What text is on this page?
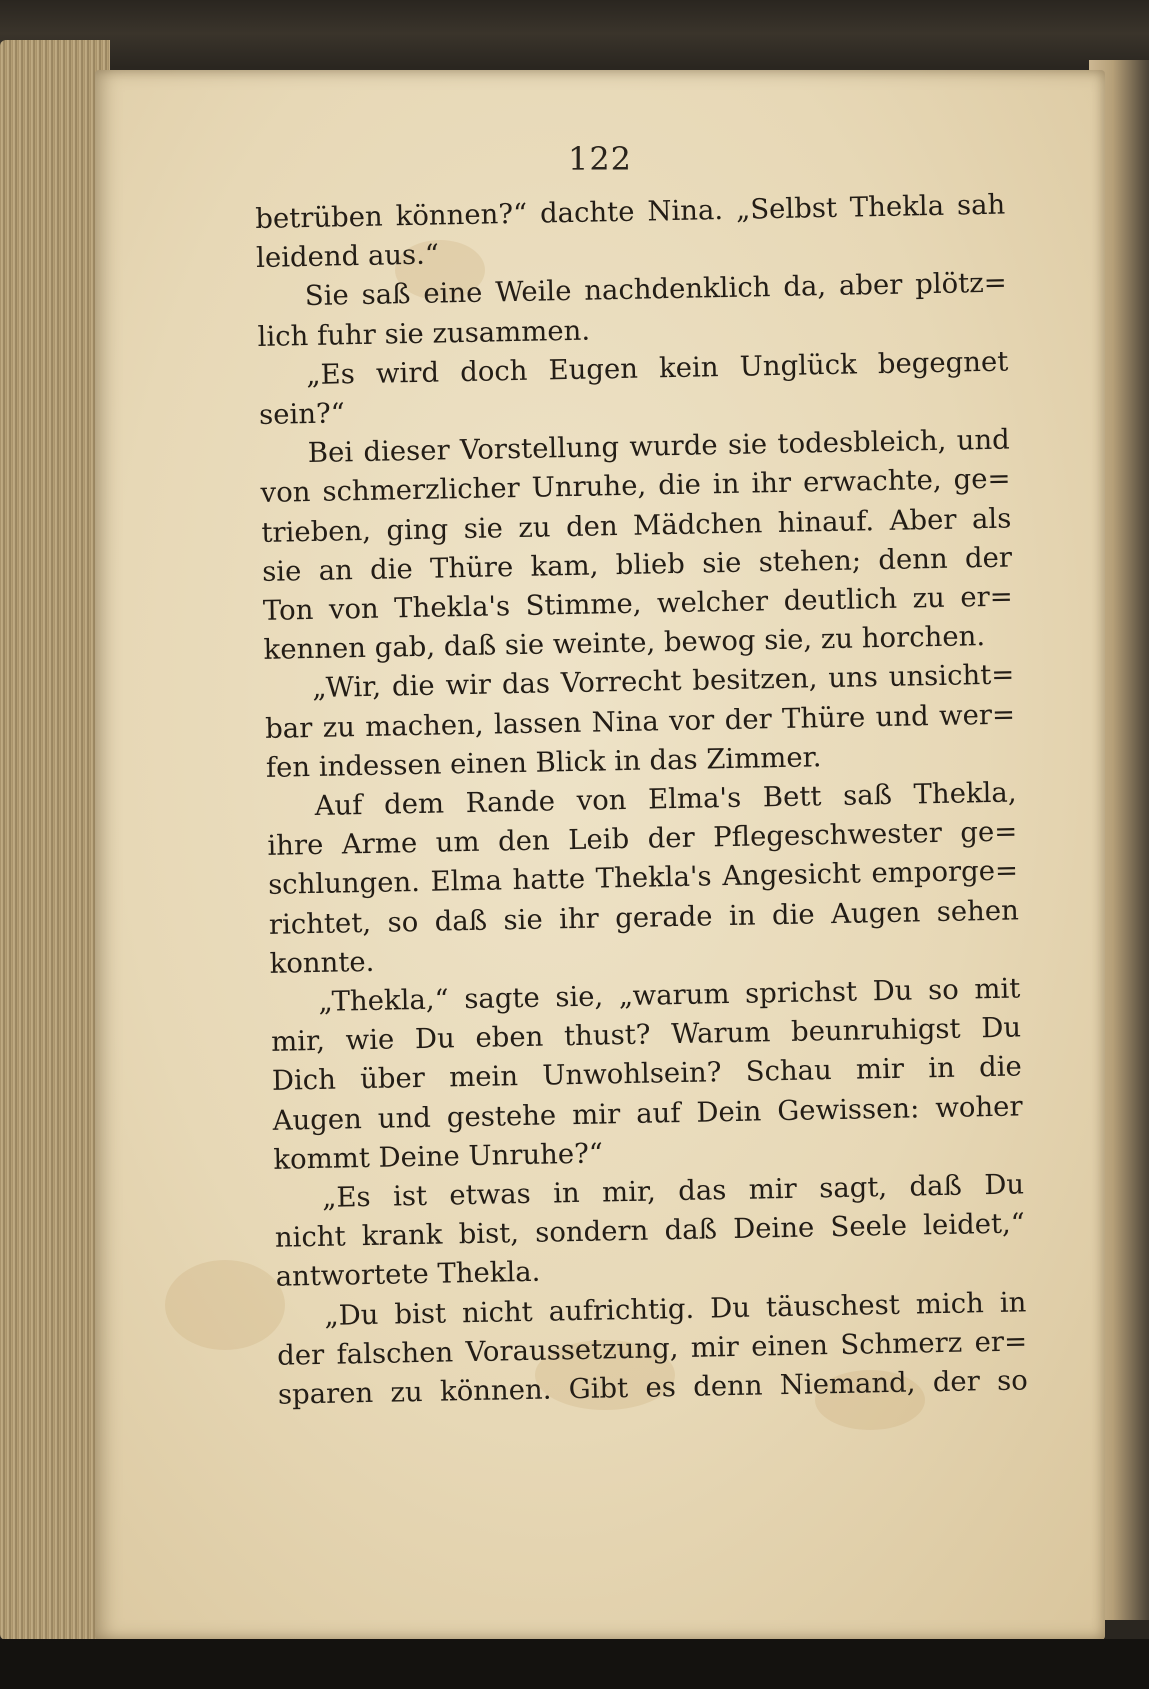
122
betrüben können?“ dachte Nina. „Selbst Thekla sah
leidend aus.“
Sie saß eine Weile nachdenklich da, aber plötz=
lich fuhr sie zusammen.
„Es wird doch Eugen kein Unglück begegnet
sein?“
Bei dieser Vorstellung wurde sie todesbleich, und
von schmerzlicher Unruhe, die in ihr erwachte, ge=
trieben, ging sie zu den Mädchen hinauf. Aber als
sie an die Thüre kam, blieb sie stehen; denn der
Ton von Thekla's Stimme, welcher deutlich zu er=
kennen gab, daß sie weinte, bewog sie, zu horchen.
„Wir, die wir das Vorrecht besitzen, uns unsicht=
bar zu machen, lassen Nina vor der Thüre und wer=
fen indessen einen Blick in das Zimmer.
Auf dem Rande von Elma's Bett saß Thekla,
ihre Arme um den Leib der Pflegeschwester ge=
schlungen. Elma hatte Thekla's Angesicht emporge=
richtet, so daß sie ihr gerade in die Augen sehen
konnte.
„Thekla,“ sagte sie, „warum sprichst Du so mit
mir, wie Du eben thust? Warum beunruhigst Du
Dich über mein Unwohlsein? Schau mir in die
Augen und gestehe mir auf Dein Gewissen: woher
kommt Deine Unruhe?“
„Es ist etwas in mir, das mir sagt, daß Du
nicht krank bist, sondern daß Deine Seele leidet,“
antwortete Thekla.
„Du bist nicht aufrichtig. Du täuschest mich in
der falschen Voraussetzung, mir einen Schmerz er=
sparen zu können. Gibt es denn Niemand, der so
